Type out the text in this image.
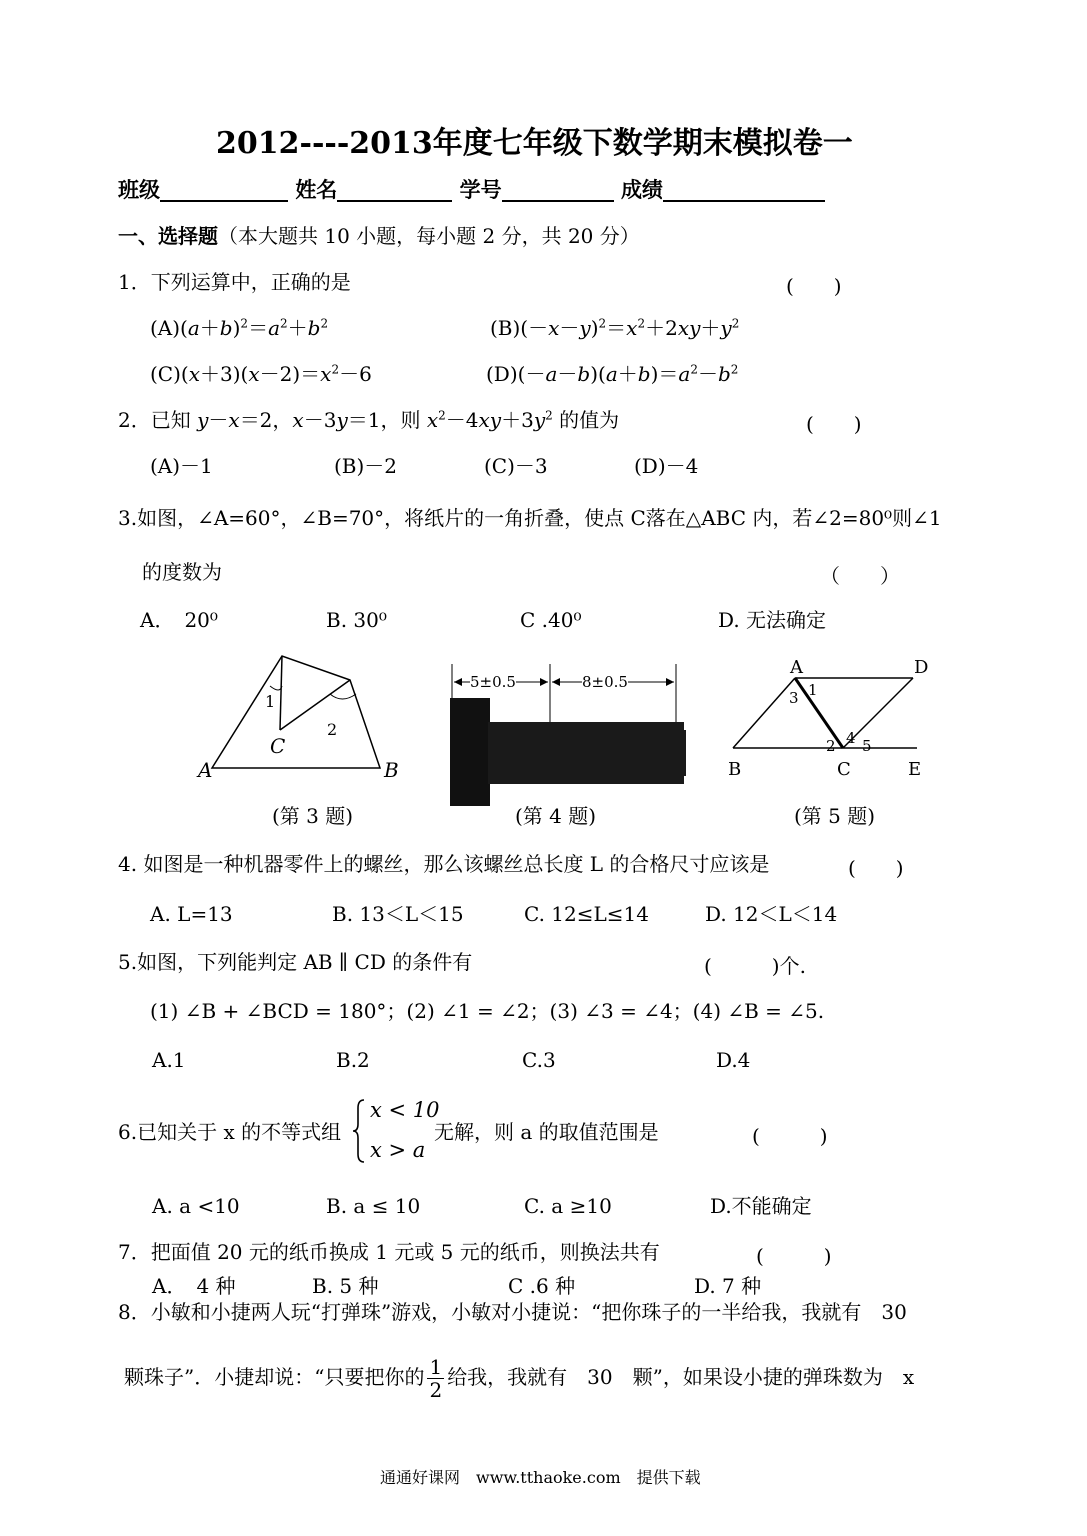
2012----2013年度七年级下数学期末模拟卷一
班级	姓名	学号	成绩
一、选择题（本大题共 10 小题，每小题 2 分，共 20 分）
1．下列运算中，正确的是	(　　)
$(A)(a+b)^2=a^2+b^2$	$(B)(-x-y)^2=x^2+2xy+y^2$
$(C)(x+3)(x-2)=x^2-6$	$(D)(-a-b)(a+b)=a^2-b^2$
2．已知 y－x＝2，x－3y＝1，则 $x^2-4xy+3y^2$ 的值为	(　　)
(A)－1	(B)－2	(C)－3	(D)－4
3.如图，∠A=60°，∠B=70°，将纸片的一角折叠，使点 C落在△ABC 内，若∠2=80⁰则∠1
的度数为	（　　）
A．　20⁰	B. 30⁰	C .40⁰	D. 无法确定
1
2
C
A	B
(第 3 题)
5±0.5	8±0.5
(第 4 题)
A	D
3 1
2 4 5
B	C	E
(第 5 题)
4. 如图是一种机器零件上的螺丝，那么该螺丝总长度 L 的合格尺寸应该是	(　　)
A. L=13	B. 13＜L＜15	C. 12≤L≤14	D. 12＜L＜14
5.如图，下列能判定 AB ∥ CD 的条件有	(　　　)个.
(1) ∠B + ∠BCD = 180°；(2) ∠1 = ∠2；(3) ∠3 = ∠4；(4) ∠B = ∠5.
A.1	B.2	C.3	D.4
6.已知关于 x 的不等式组
x < 10
x > a
无解，则 a 的取值范围是	(　　　)
A. a <10	B. a ≤ 10	C. a ≥10	D.不能确定
7．把面值 20 元的纸币换成 1 元或 5 元的纸币，则换法共有	(　　　)
A．　4 种	B. 5 种	C .6 种	D. 7 种
8．小敏和小捷两人玩“打弹珠”游戏，小敏对小捷说：“把你珠子的一半给我，我就有　30
颗珠子”．小捷却说：“只要把你的 $\frac{1}{2}$ 给我，我就有　30　颗”，如果设小捷的弹珠数为　x
通通好课网　www.tthaoke.com　提供下载
